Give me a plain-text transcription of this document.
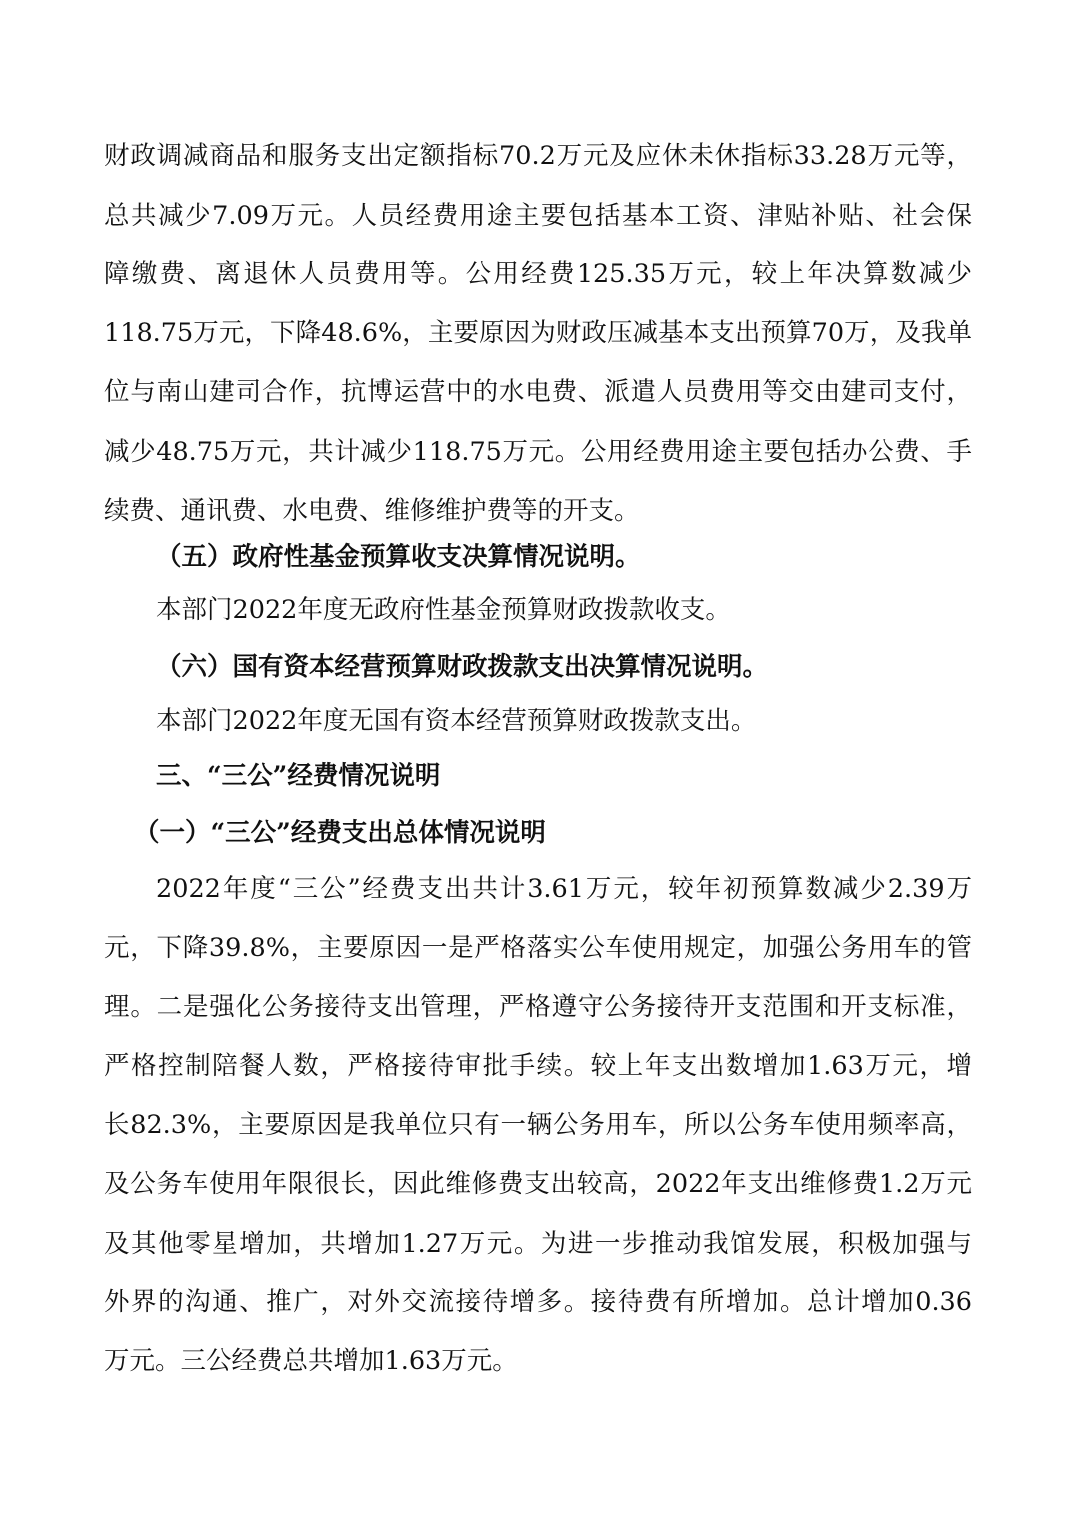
财政调减商品和服务支出定额指标70.2万元及应休未休指标33.28万元等，
总共减少7.09万元。人员经费用途主要包括基本工资、津贴补贴、社会保
障缴费、离退休人员费用等。公用经费125.35万元，较上年决算数减少
118.75万元，下降48.6%，主要原因为财政压减基本支出预算70万，及我单
位与南山建司合作，抗博运营中的水电费、派遣人员费用等交由建司支付，
减少48.75万元，共计减少118.75万元。公用经费用途主要包括办公费、手
续费、通讯费、水电费、维修维护费等的开支。
（五）政府性基金预算收支决算情况说明。
本部门2022年度无政府性基金预算财政拨款收支。
（六）国有资本经营预算财政拨款支出决算情况说明。
本部门2022年度无国有资本经营预算财政拨款支出。
三、“三公”经费情况说明
（一）“三公”经费支出总体情况说明
2022年度“三公”经费支出共计3.61万元，较年初预算数减少2.39万
元，下降39.8%，主要原因一是严格落实公车使用规定，加强公务用车的管
理。二是强化公务接待支出管理，严格遵守公务接待开支范围和开支标准，
严格控制陪餐人数，严格接待审批手续。较上年支出数增加1.63万元，增
长82.3%，主要原因是我单位只有一辆公务用车，所以公务车使用频率高，
及公务车使用年限很长，因此维修费支出较高，2022年支出维修费1.2万元
及其他零星增加，共增加1.27万元。为进一步推动我馆发展，积极加强与
外界的沟通、推广，对外交流接待增多。接待费有所增加。总计增加0.36
万元。三公经费总共增加1.63万元。
